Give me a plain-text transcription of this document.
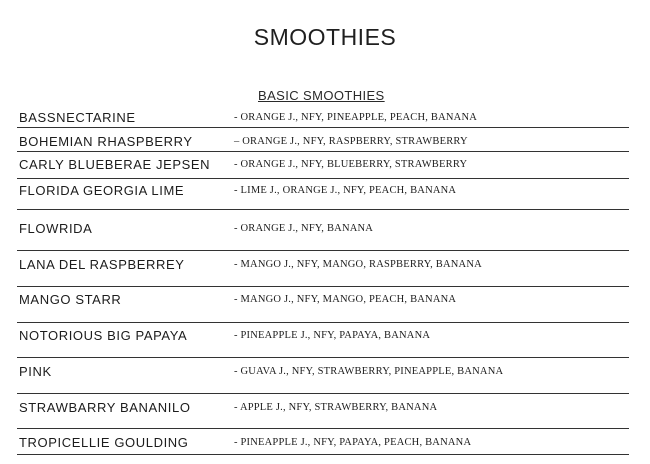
SMOOTHIES
BASIC SMOOTHIES
BASSNECTARINE	- ORANGE J., NFY, PINEAPPLE, PEACH, BANANA
BOHEMIAN RHASPBERRY	– ORANGE J., NFY, RASPBERRY, STRAWBERRY
CARLY BLUEBERAE JEPSEN - ORANGE J., NFY, BLUEBERRY, STRAWBERRY
FLORIDA GEORGIA LIME	- LIME J., ORANGE J., NFY, PEACH, BANANA
FLOWRIDA	- ORANGE J., NFY, BANANA
LANA DEL RASPBERREY	- MANGO J., NFY, MANGO, RASPBERRY, BANANA
MANGO STARR	- MANGO J., NFY, MANGO, PEACH, BANANA
NOTORIOUS BIG PAPAYA	- PINEAPPLE J., NFY, PAPAYA, BANANA
PINK	- GUAVA J., NFY, STRAWBERRY, PINEAPPLE, BANANA
STRAWBARRY BANANILO	- APPLE J., NFY, STRAWBERRY, BANANA
TROPICELLIE GOULDING	- PINEAPPLE J., NFY, PAPAYA, PEACH, BANANA
